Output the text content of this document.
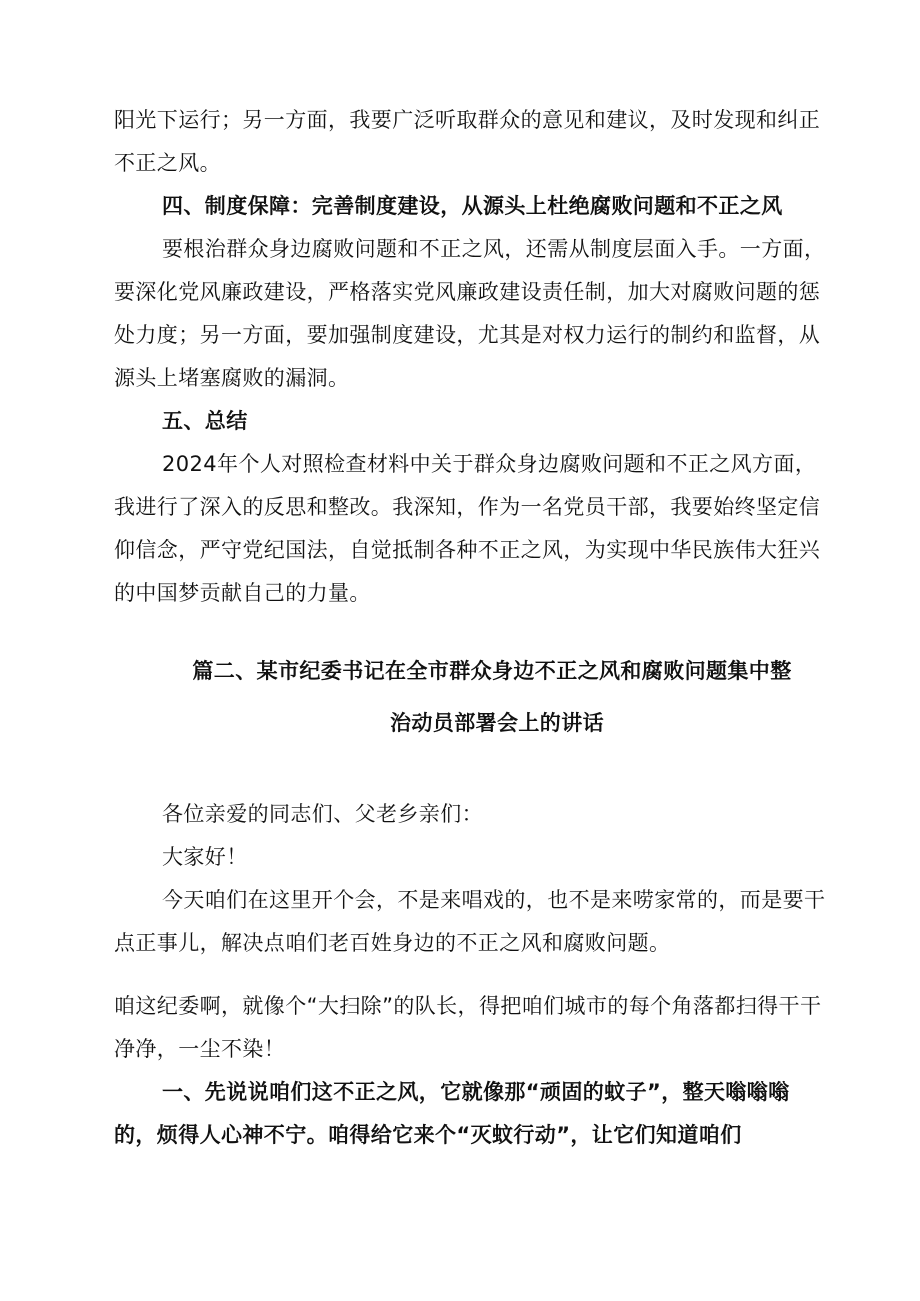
阳光下运行；另一方面，我要广泛听取群众的意见和建议，及时发现和纠正不正之风。

四、制度保障：完善制度建设，从源头上杜绝腐败问题和不正之风

要根治群众身边腐败问题和不正之风，还需从制度层面入手。一方面，要深化党风廉政建设，严格落实党风廉政建设责任制，加大对腐败问题的惩处力度；另一方面，要加强制度建设，尤其是对权力运行的制约和监督，从源头上堵塞腐败的漏洞。

五、总结

2024年个人对照检查材料中关于群众身边腐败问题和不正之风方面，我进行了深入的反思和整改。我深知，作为一名党员干部，我要始终坚定信仰信念，严守党纪国法，自觉抵制各种不正之风，为实现中华民族伟大狂兴的中国梦贡献自己的力量。

篇二、某市纪委书记在全市群众身边不正之风和腐败问题集中整

治动员部署会上的讲话

各位亲爱的同志们、父老乡亲们：

大家好！

今天咱们在这里开个会，不是来唱戏的，也不是来唠家常的，而是要干点正事儿，解决点咱们老百姓身边的不正之风和腐败问题。

咱这纪委啊，就像个“大扫除”的队长，得把咱们城市的每个角落都扫得干干净净，一尘不染！

一、先说说咱们这不正之风，它就像那“顽固的蚊子”，整天嗡嗡嗡的，烦得人心神不宁。咱得给它来个“灭蚊行动”，让它们知道咱们
